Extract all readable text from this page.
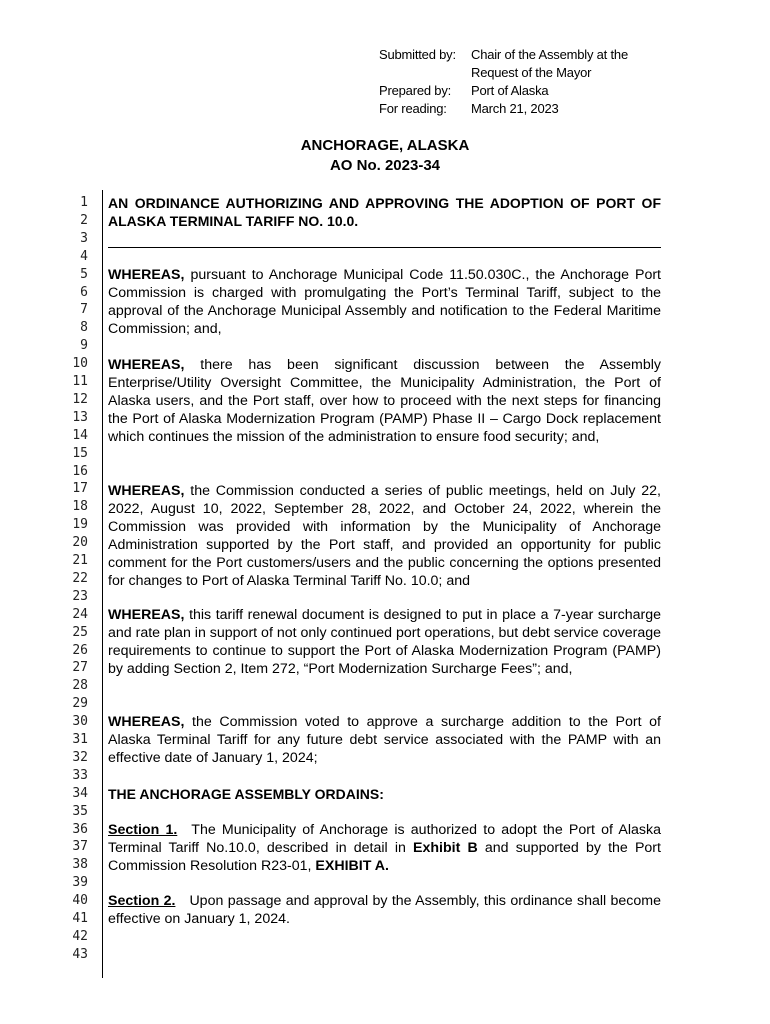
Submitted by:	Chair of the Assembly at the
Request of the Mayor
Prepared by:	Port of Alaska
For reading:	March 21, 2023
ANCHORAGE, ALASKA
AO No. 2023-34
1
2
3
4
5
6
7
8
9
10
11
12
13
14
15
16
17
18
19
20
21
22
23
24
25
26
27
28
29
30
31
32
33
34
35
36
37
38
39
40
41
42
43
AN ORDINANCE AUTHORIZING AND APPROVING THE ADOPTION OF PORT OF ALASKA TERMINAL TARIFF NO. 10.0.
WHEREAS, pursuant to Anchorage Municipal Code 11.50.030C., the Anchorage Port Commission is charged with promulgating the Port’s Terminal Tariff, subject to the approval of the Anchorage Municipal Assembly and notification to the Federal Maritime Commission; and,
WHEREAS, there has been significant discussion between the Assembly Enterprise/Utility Oversight Committee, the Municipality Administration, the Port of Alaska users, and the Port staff, over how to proceed with the next steps for financing the Port of Alaska Modernization Program (PAMP) Phase II – Cargo Dock replacement which continues the mission of the administration to ensure food security; and,
WHEREAS, the Commission conducted a series of public meetings, held on July 22, 2022, August 10, 2022, September 28, 2022, and October 24, 2022, wherein the Commission was provided with information by the Municipality of Anchorage Administration supported by the Port staff, and provided an opportunity for public comment for the Port customers/users and the public concerning the options presented for changes to Port of Alaska Terminal Tariff No. 10.0; and
WHEREAS, this tariff renewal document is designed to put in place a 7-year surcharge and rate plan in support of not only continued port operations, but debt service coverage requirements to continue to support the Port of Alaska Modernization Program (PAMP) by adding Section 2, Item 272, “Port Modernization Surcharge Fees”; and,
WHEREAS, the Commission voted to approve a surcharge addition to the Port of Alaska Terminal Tariff for any future debt service associated with the PAMP with an effective date of January 1, 2024;
THE ANCHORAGE ASSEMBLY ORDAINS:
Section 1. The Municipality of Anchorage is authorized to adopt the Port of Alaska Terminal Tariff No.10.0, described in detail in Exhibit B and supported by the Port Commission Resolution R23-01, EXHIBIT A.
Section 2. Upon passage and approval by the Assembly, this ordinance shall become effective on January 1, 2024.
